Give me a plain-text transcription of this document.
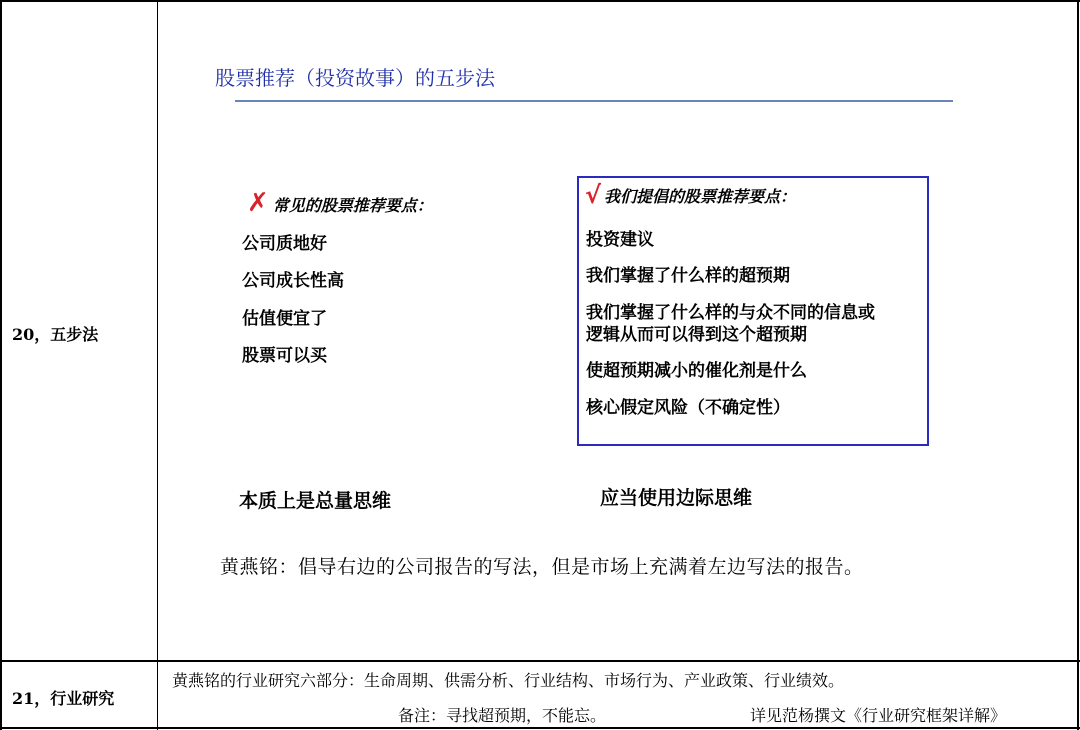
20，五步法
21，行业研究
股票推荐（投资故事）的五步法
✗ 常见的股票推荐要点：
公司质地好
公司成长性高
估值便宜了
股票可以买
√ 我们提倡的股票推荐要点：
投资建议
我们掌握了什么样的超预期
我们掌握了什么样的与众不同的信息或
逻辑从而可以得到这个超预期
使超预期减小的催化剂是什么
核心假定风险（不确定性）
本质上是总量思维	应当使用边际思维
黄燕铭：倡导右边的公司报告的写法，但是市场上充满着左边写法的报告。
黄燕铭的行业研究六部分：生命周期、供需分析、行业结构、市场行为、产业政策、行业绩效。
备注：寻找超预期，不能忘。	详见范杨撰文《行业研究框架详解》
